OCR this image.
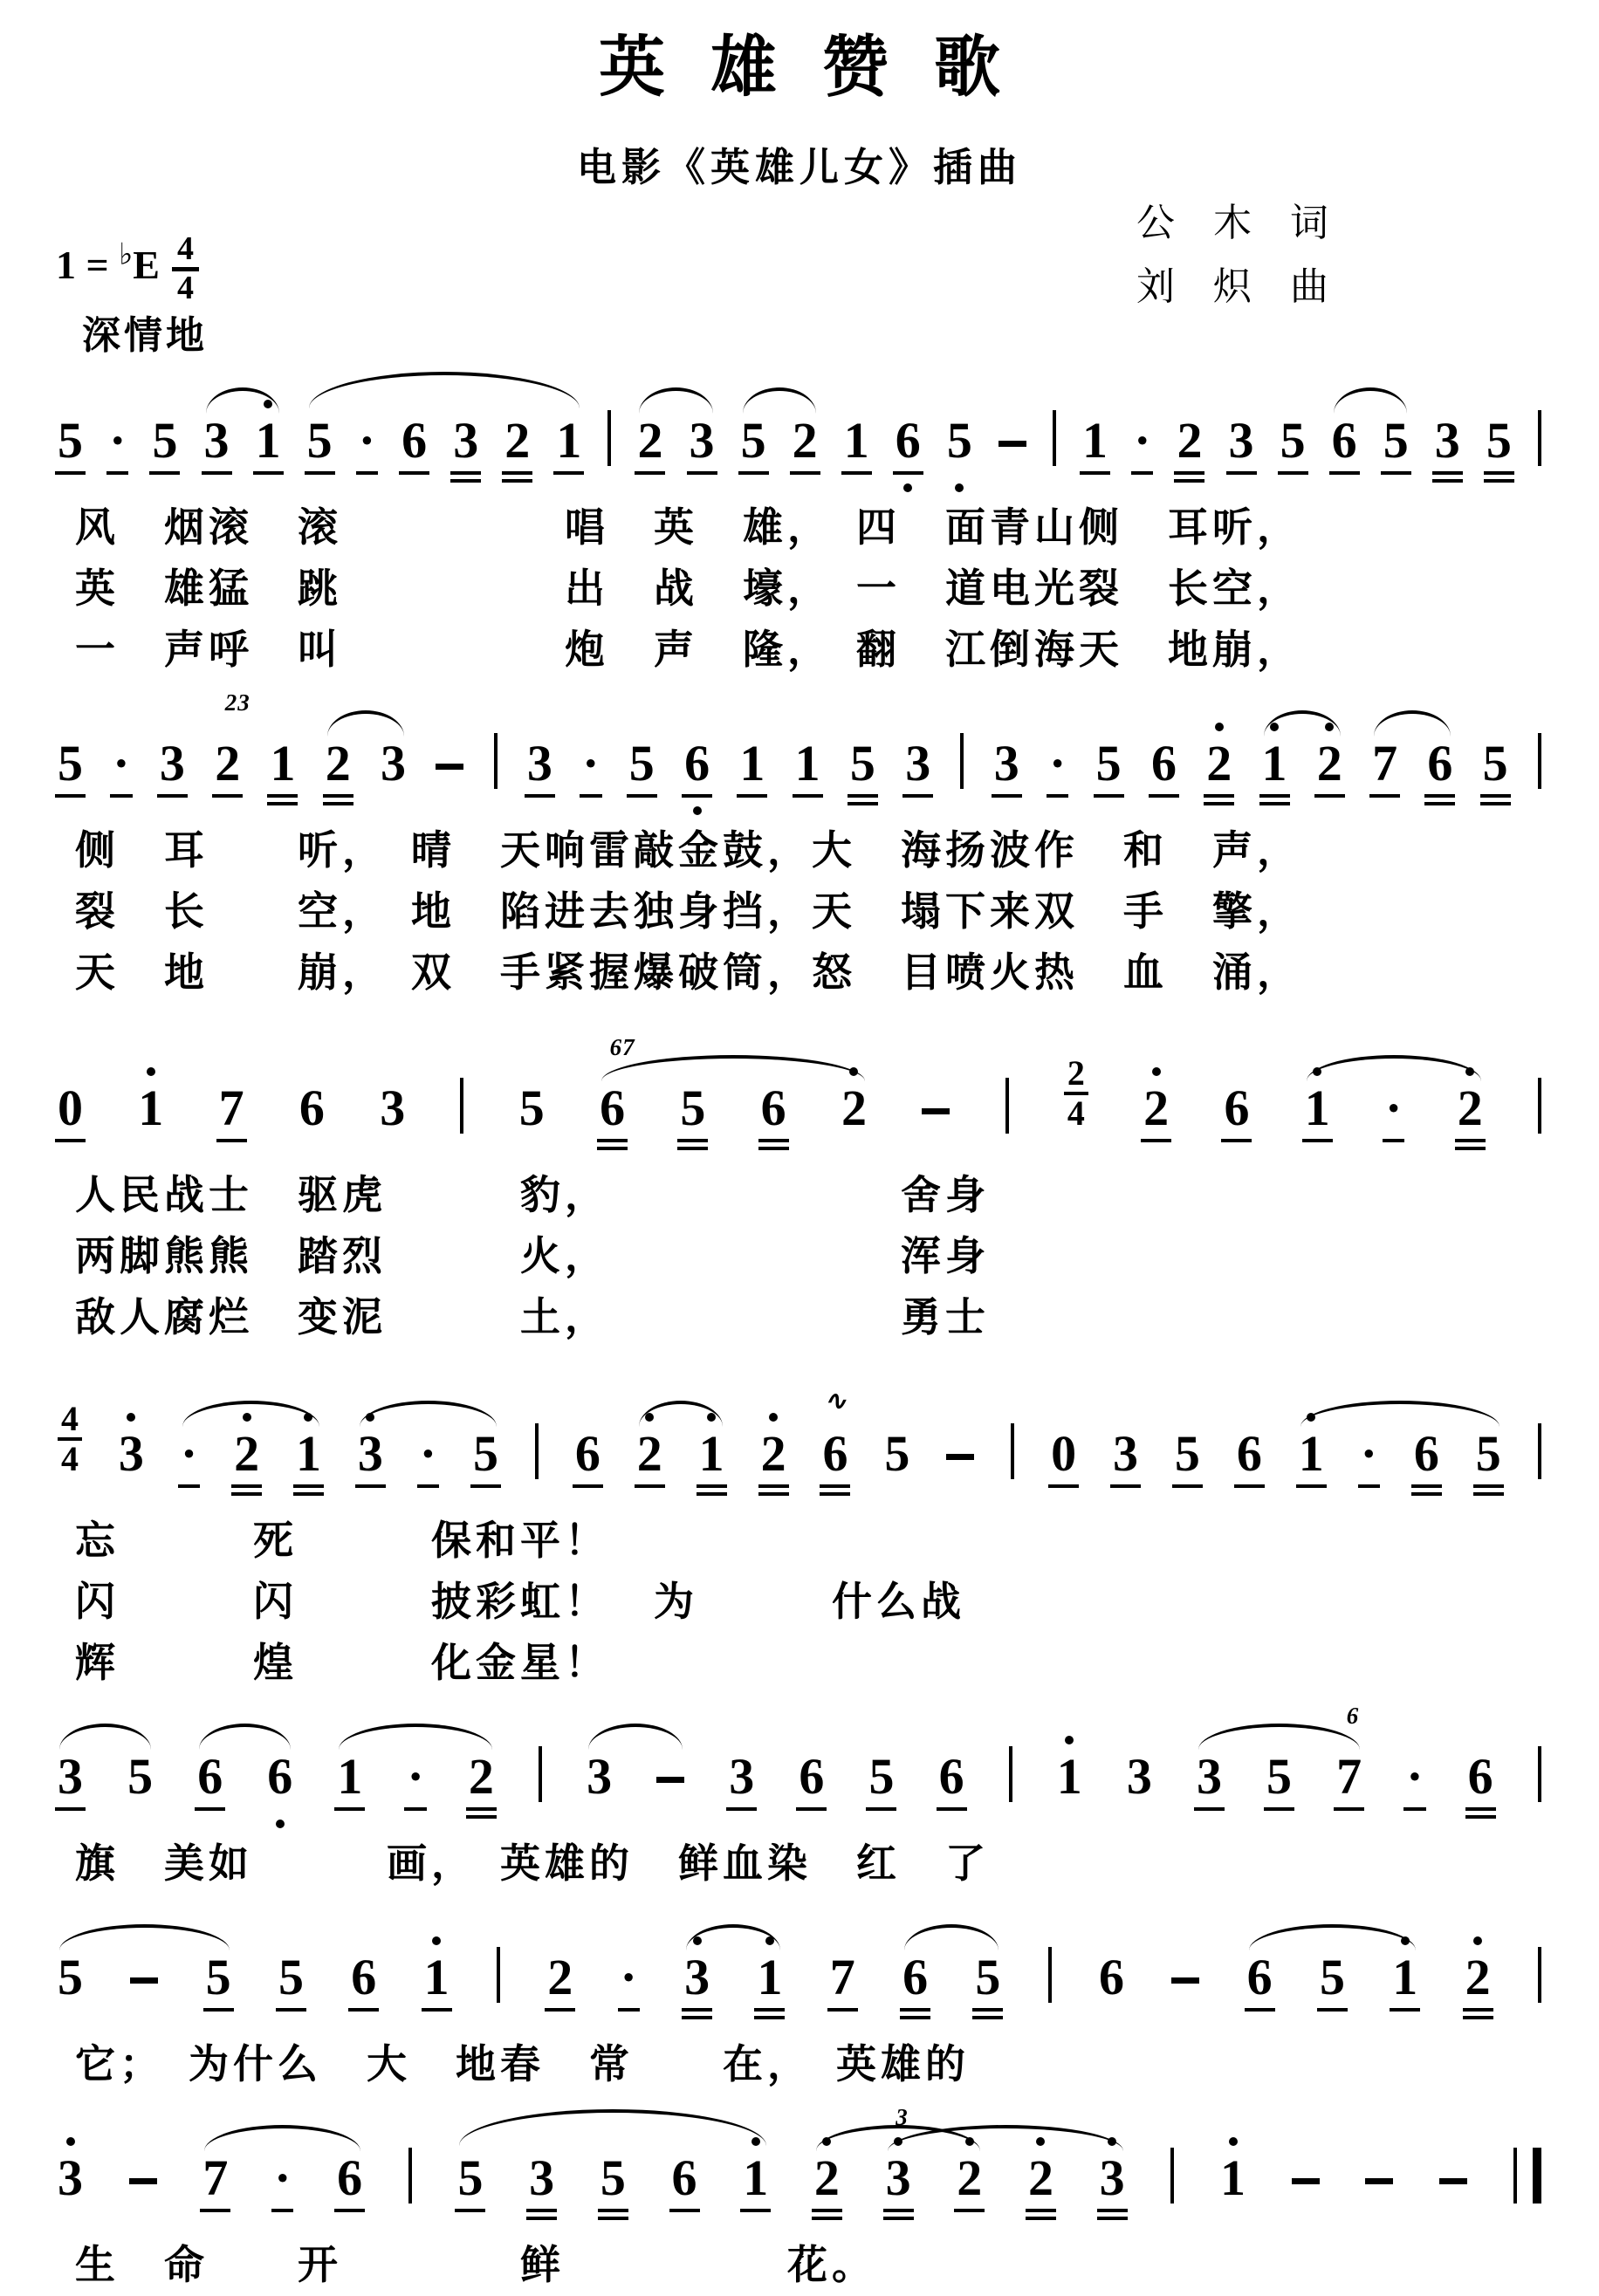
英雄赞歌
电影《英雄儿女》插曲
$1 = ^♭E \frac{4}{4}$
深情地
公　木　词
刘　炽　曲

5 · 5 3 1 5 · 6 3 2 1 2 3 5 2 1 6 5 1 · 2 3 5 6 5 3 5
风　烟滚　滚　　　　　唱　英　雄，　四　面青山侧　耳听，
英　雄猛　跳　　　　　出　战　壕，　一　道电光裂　长空，
一　声呼　叫　　　　　炮　声　隆，　翻　江倒海天　地崩，
5 · 3 2
23
1 2 3 3 · 5 6 1 1 5 3 3 · 5 6 2 1 2 7 6 5
侧　耳　　听，　晴　天响雷敲金鼓，大　海扬波作　和　声，
裂　长　　空，　地　陷进去独身挡，天　塌下来双　手　擎，
天　地　　崩，　双　手紧握爆破筒，怒　目喷火热　血　涌，
0 1 7 6 3 5 6
67
5 6 2	$\frac{2}{4} 2$ 6 1 · 2
人民战士　驱虎　　　豹，　　　　　　　舍身
两脚熊熊　踏烈　　　火，　　　　　　　浑身
敌人腐烂　变泥　　　土，　　　　　　　勇士
$\frac{4}{4} 3 \cdot 2$ 1 3 · 5 6 2 1 2 6
∿
5	0 3 5 6 1 · 6 5
忘　　　死　　　保和平！
闪　　　闪　　　披彩虹！　为　　　什么战
辉　　　煌　　　化金星！
3 5 6 6 1 · 2 3 3 6 5 6 1 3 3 5 7
6
· 6
旗　美如　　　画，　英雄的　鲜血染　红　了
5 5 5 6 1 2 · 3 1 7 6 5 6 6 5 1 2
它；　为什么　大　地春　常　　在，　英雄的
3 7 · 6 5 3 5 6 1 2 3
3
2 2 3 1
生　命　　开　　　　鲜　　　　　花。
